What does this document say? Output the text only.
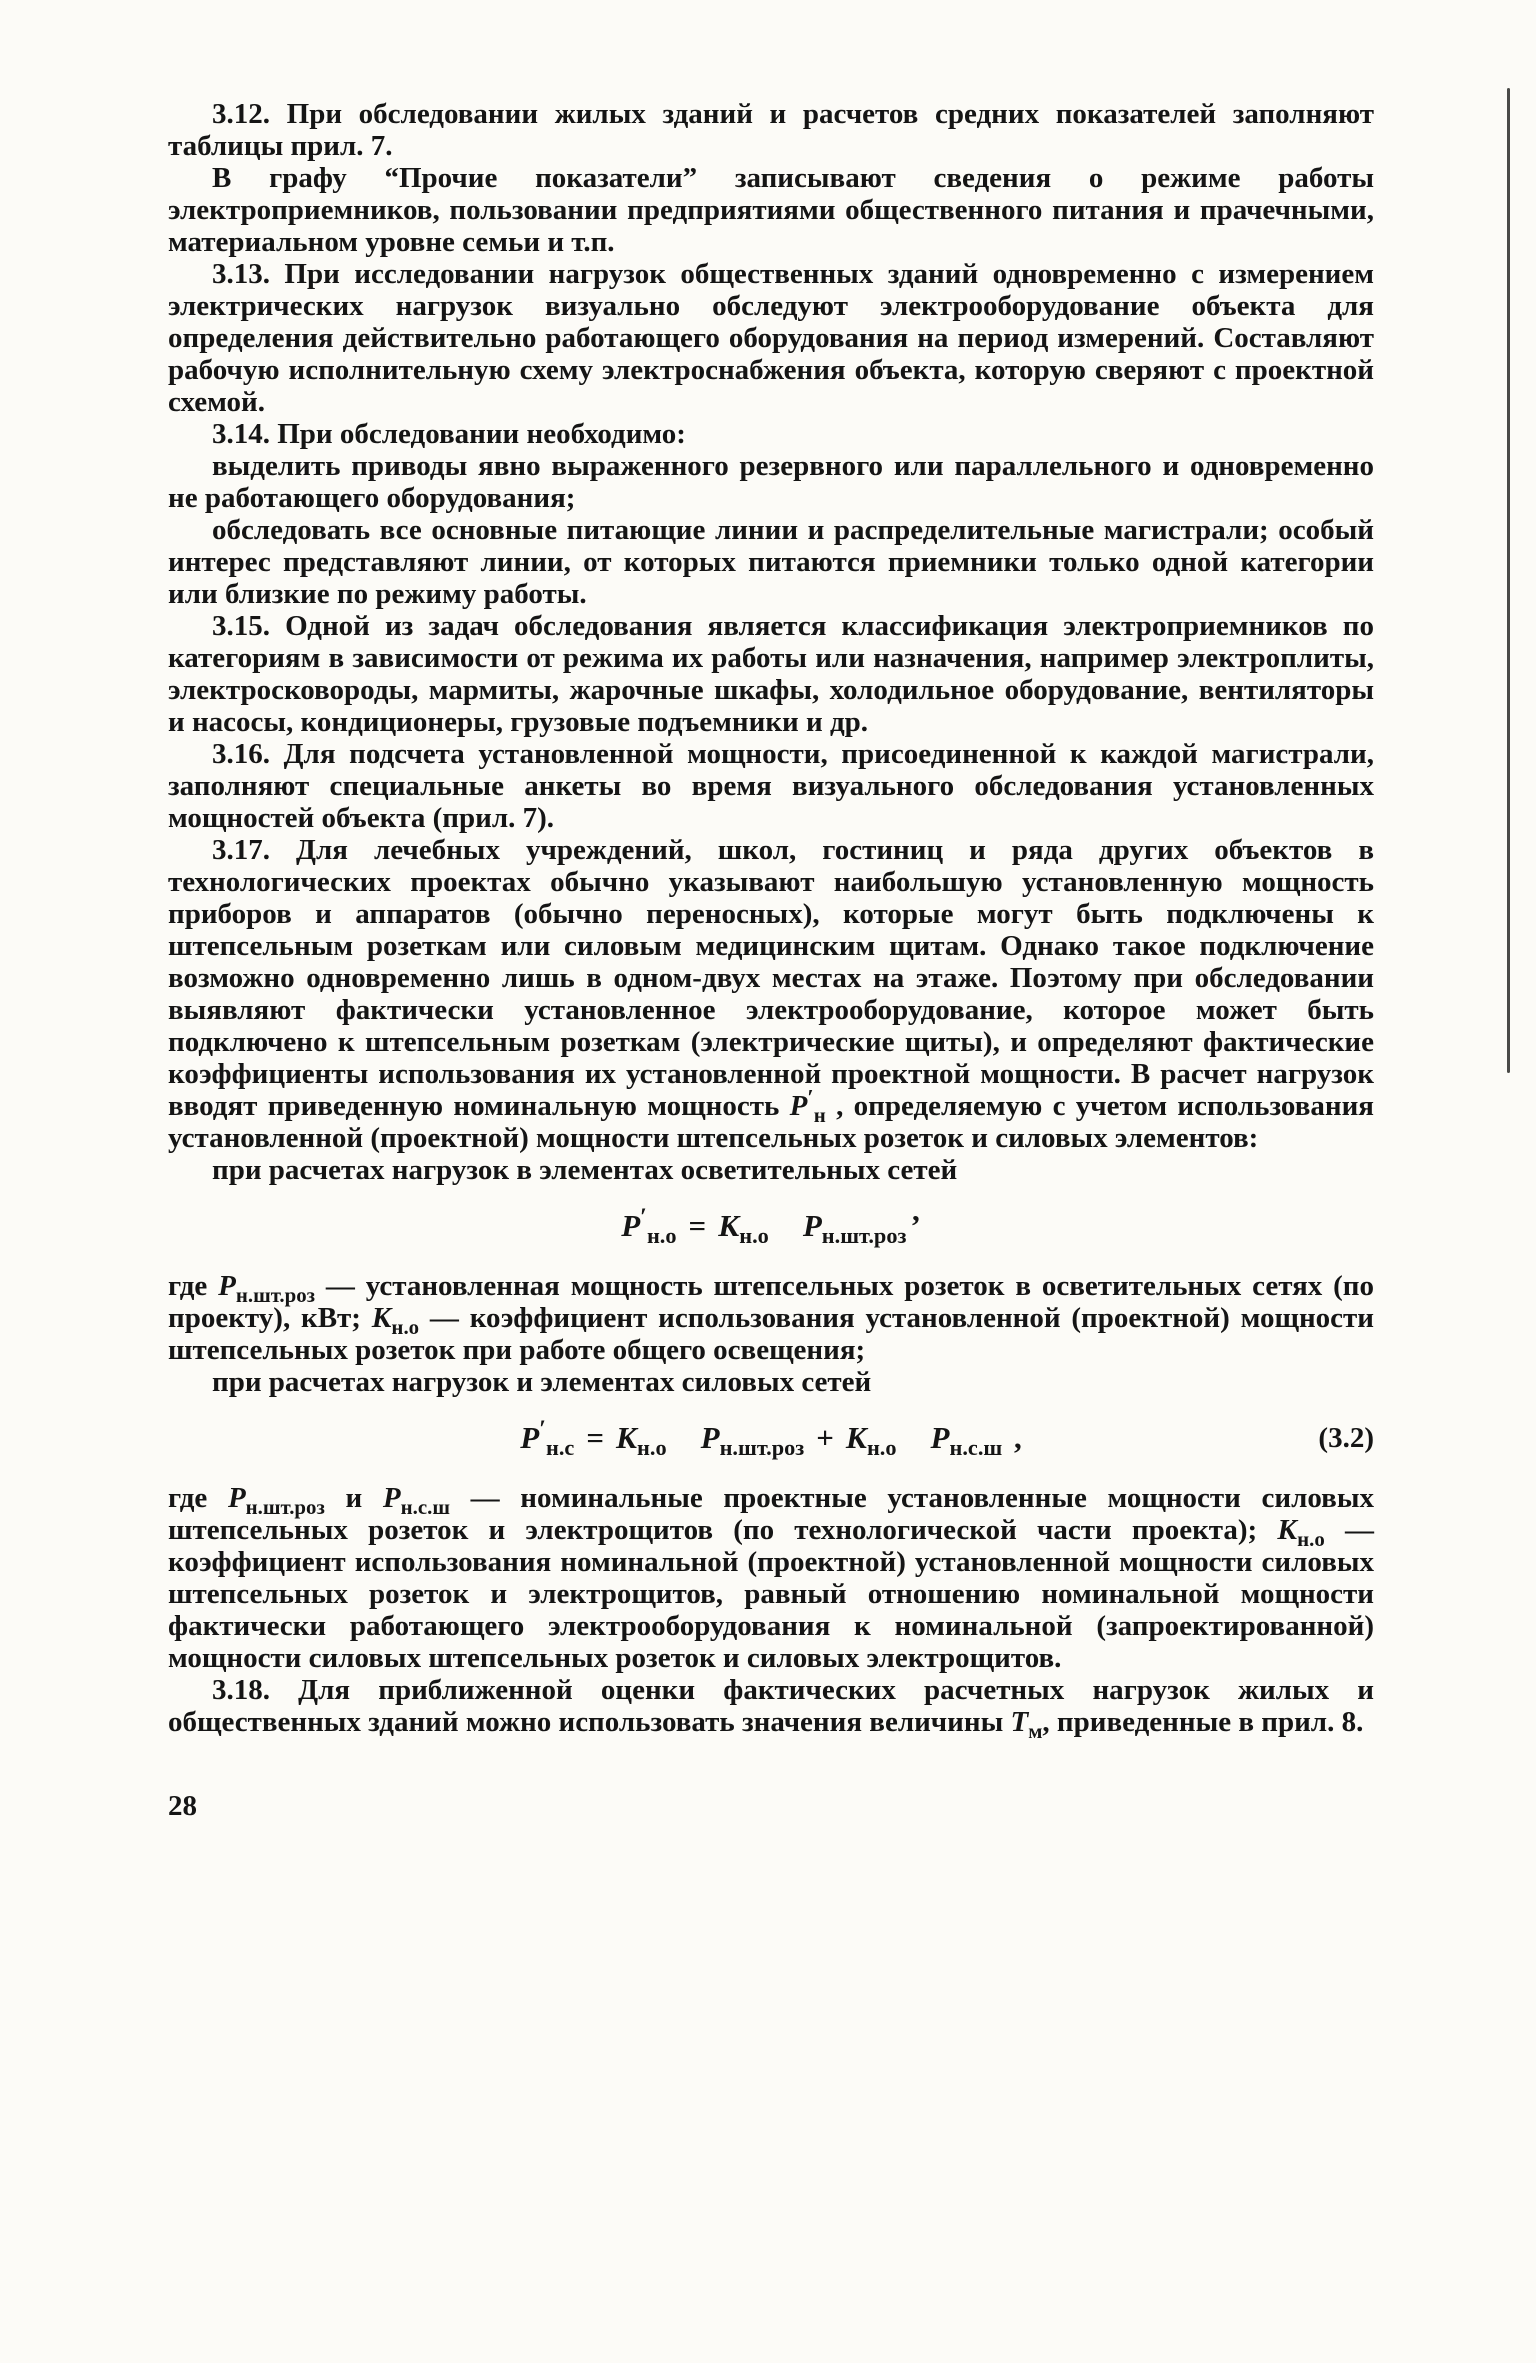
3.12. При обследовании жилых зданий и расчетов средних показателей заполняют таблицы прил. 7.

В графу “Прочие показатели” записывают сведения о режиме работы электроприемников, пользовании предприятиями общественного питания и прачечными, материальном уровне семьи и т.п.

3.13. При исследовании нагрузок общественных зданий одновременно с измерением электрических нагрузок визуально обследуют электрооборудование объекта для определения действительно работающего оборудования на период измерений. Составляют рабочую исполнительную схему электроснабжения объекта, которую сверяют с проектной схемой.

3.14. При обследовании необходимо:

выделить приводы явно выраженного резервного или параллельного и одновременно не работающего оборудования;

обследовать все основные питающие линии и распределительные магистрали; особый интерес представляют линии, от которых питаются приемники только одной категории или близкие по режиму работы.

3.15. Одной из задач обследования является классификация электроприемников по категориям в зависимости от режима их работы или назначения, например электроплиты, электросковороды, мармиты, жарочные шкафы, холодильное оборудование, вентиляторы и насосы, кондиционеры, грузовые подъемники и др.

3.16. Для подсчета установленной мощности, присоединенной к каждой магистрали, заполняют специальные анкеты во время визуального обследования установленных мощностей объекта (прил. 7).

3.17. Для лечебных учреждений, школ, гостиниц и ряда других объектов в технологических проектах обычно указывают наибольшую установленную мощность приборов и аппаратов (обычно переносных), которые могут быть подключены к штепсельным розеткам или силовым медицинским щитам. Однако такое подключение возможно одновременно лишь в одном-двух местах на этаже. Поэтому при обследовании выявляют фактически установленное электрооборудование, которое может быть подключено к штепсельным розеткам (электрические щиты), и определяют фактические коэффициенты использования их установленной проектной мощности. В расчет нагрузок вводят приведенную номинальную мощность $Р'_н$ , определяемую с учетом использования установленной (проектной) мощности штепсельных розеток и силовых элементов:

при расчетах нагрузок в элементах осветительных сетей

$Р'_{н.о} = К_{н.о}$ $Р_{н.шт.роз}$ ’

где $Р_{н.шт.роз}$ — установленная мощность штепсельных розеток в осветительных сетях (по проекту), кВт; $К_{н.о}$ — коэффициент использования установленной (проектной) мощности штепсельных розеток при работе общего освещения;

при расчетах нагрузок и элементах силовых сетей

$Р'_{н.с} = К_{н.о}$ $Р_{н.шт.роз} + К_{н.о}$ $Р_{н.с.ш}$ ,	(3.2)

где $Р_{н.шт.роз}$ и $Р_{н.с.ш}$ — номинальные проектные установленные мощности силовых штепсельных розеток и электрощитов (по технологической части проекта); $К_{н.о}$ — коэффициент использования номинальной (проектной) установленной мощности силовых штепсельных розеток и электрощитов, равный отношению номинальной мощности фактически работающего электрооборудования к номинальной (запроектированной) мощности силовых штепсельных розеток и силовых электрощитов.

3.18. Для приближенной оценки фактических расчетных нагрузок жилых и общественных зданий можно использовать значения величины $Т_м$, приведенные в прил. 8.

28
